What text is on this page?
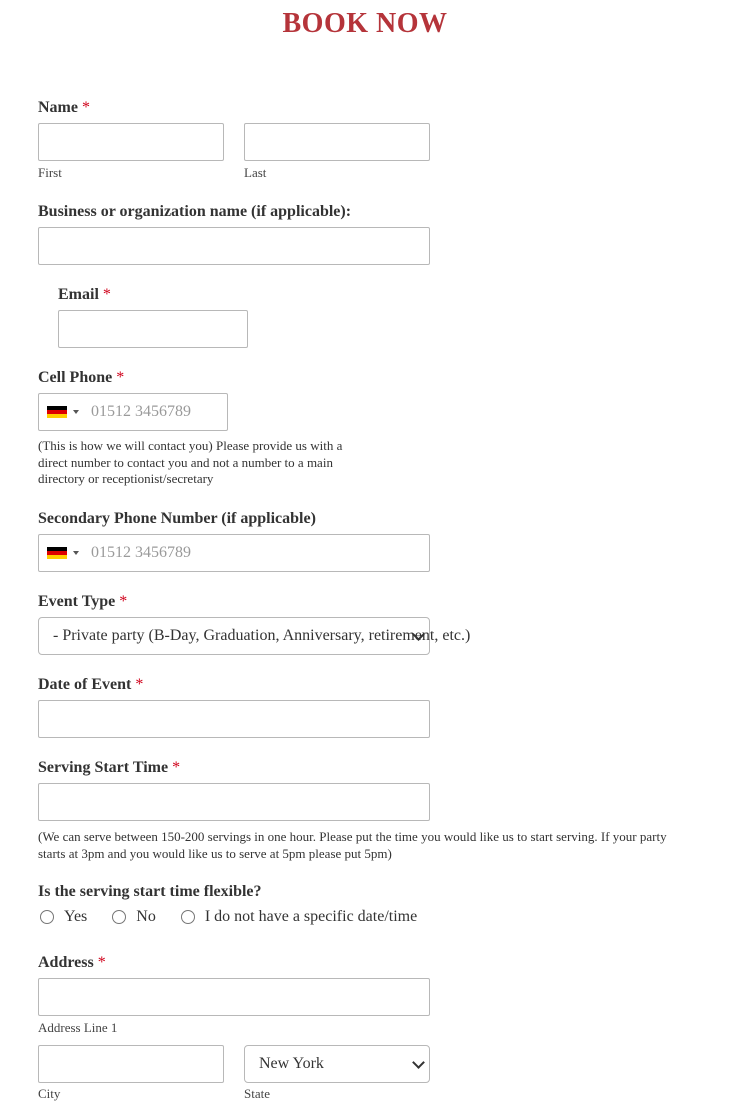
BOOK NOW
Name *
First	Last
Business or organization name (if applicable):
Email *
Cell Phone *
01512 3456789
(This is how we will contact you) Please provide us with a direct number to contact you and not a number to a main directory or receptionist/secretary
Secondary Phone Number (if applicable)
01512 3456789
Event Type *
- Private party (B-Day, Graduation, Anniversary, retirement, etc.)
Date of Event *
Serving Start Time *
(We can serve between 150-200 servings in one hour. Please put the time you would like us to start serving. If your party starts at 3pm and you would like us to serve at 5pm please put 5pm)
Is the serving start time flexible?
Yes	No	I do not have a specific date/time
Address *
Address Line 1
New York
City	State
